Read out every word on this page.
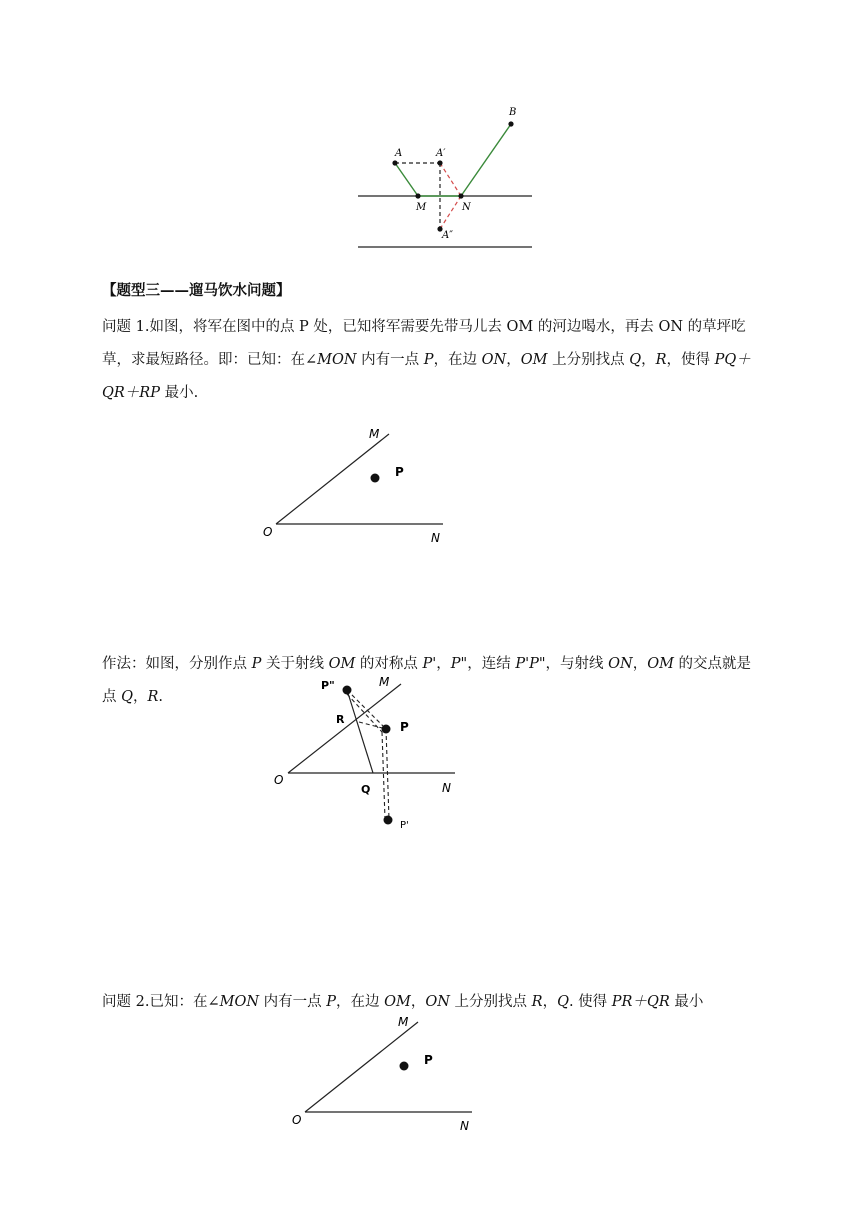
A	A′
B
M	N
A″

【题型三——遛马饮水问题】

问题 1.如图，将军在图中的点 P 处，已知将军需要先带马儿去 OM 的河边喝水，再去 ON 的草坪吃草，求最短路径。即：已知：在∠MON 内有一点 P，在边 ON，OM 上分别找点 Q，R，使得 PQ＋QR＋RP 最小.

M
P
O	N

作法：如图，分别作点 P 关于射线 OM 的对称点 P'，P"，连结 P'P"，与射线 ON，OM 的交点就是点 Q，R.

P"	M
R
P
O
Q	N
P'

问题 2.已知：在∠MON 内有一点 P，在边 OM，ON 上分别找点 R，Q. 使得 PR＋QR 最小

M
P
O	N
